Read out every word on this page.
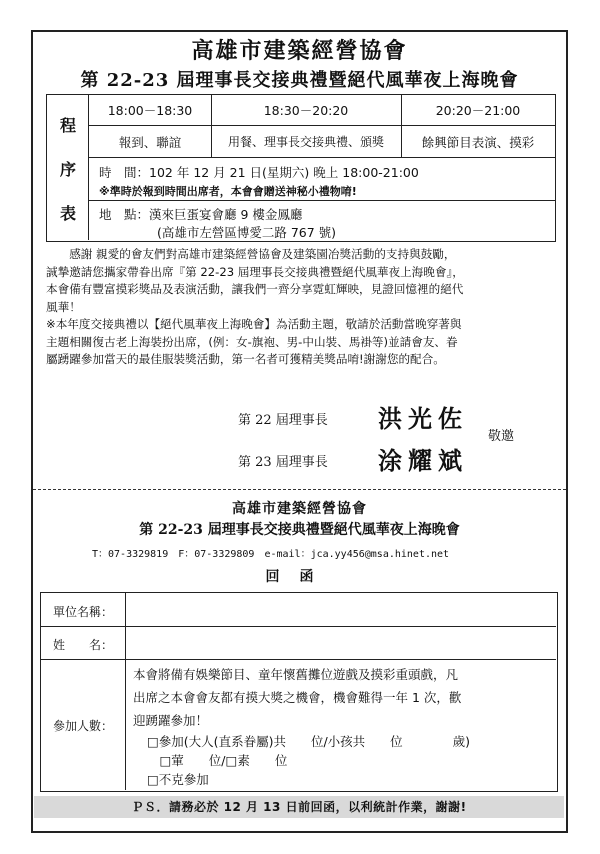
高雄市建築經營協會
第 22-23 屆理事長交接典禮暨絕代風華夜上海晚會
程
序
表
18:00－18:30	18:30－20:20	20:20－21:00
報到、聯誼	用餐、理事長交接典禮、頒獎	餘興節目表演、摸彩
時　間：102 年 12 月 21 日(星期六) 晚上 18:00-21:00
※準時於報到時間出席者，本會會贈送神秘小禮物唷!
地　點：漢來巨蛋宴會廳 9 樓金鳳廳
(高雄市左營區博愛二路 767 號)
　　感謝 親愛的會友們對高雄市建築經營協會及建築園冶獎活動的支持與鼓勵，
誠摯邀請您攜家帶眷出席『第 22-23 屆理事長交接典禮暨絕代風華夜上海晚會』，
本會備有豐富摸彩獎品及表演活動，讓我們一齊分享霓虹輝映，見證回憶裡的絕代
風華！
※本年度交接典禮以【絕代風華夜上海晚會】為活動主題，敬請於活動當晚穿著與
主題相關復古老上海裝扮出席，(例：女-旗袍、男-中山裝、馬褂等)並請會友、眷
屬踴躍參加當天的最佳服裝獎活動，第一名者可獲精美獎品唷!謝謝您的配合。
第 22 屆理事長 洪光佐
敬邀
第 23 屆理事長 涂耀斌
高雄市建築經營協會
第 22-23 屆理事長交接典禮暨絕代風華夜上海晚會
T：07-3329819　F：07-3329809　e-mail：jca.yy456@msa.hinet.net
回函
單位名稱：
姓　　名：
參加人數：
本會將備有娛樂節目、童年懷舊攤位遊戲及摸彩重頭戲，凡
出席之本會會友都有摸大獎之機會，機會難得一年 1 次，歡
迎踴躍參加！
□參加(大人(直系眷屬)共　　位/小孩共　　位　　　　歲)
　□葷　　位/□素　　位
□不克參加
ＰＳ．請務必於 12 月 13 日前回函，以利統計作業，謝謝!
